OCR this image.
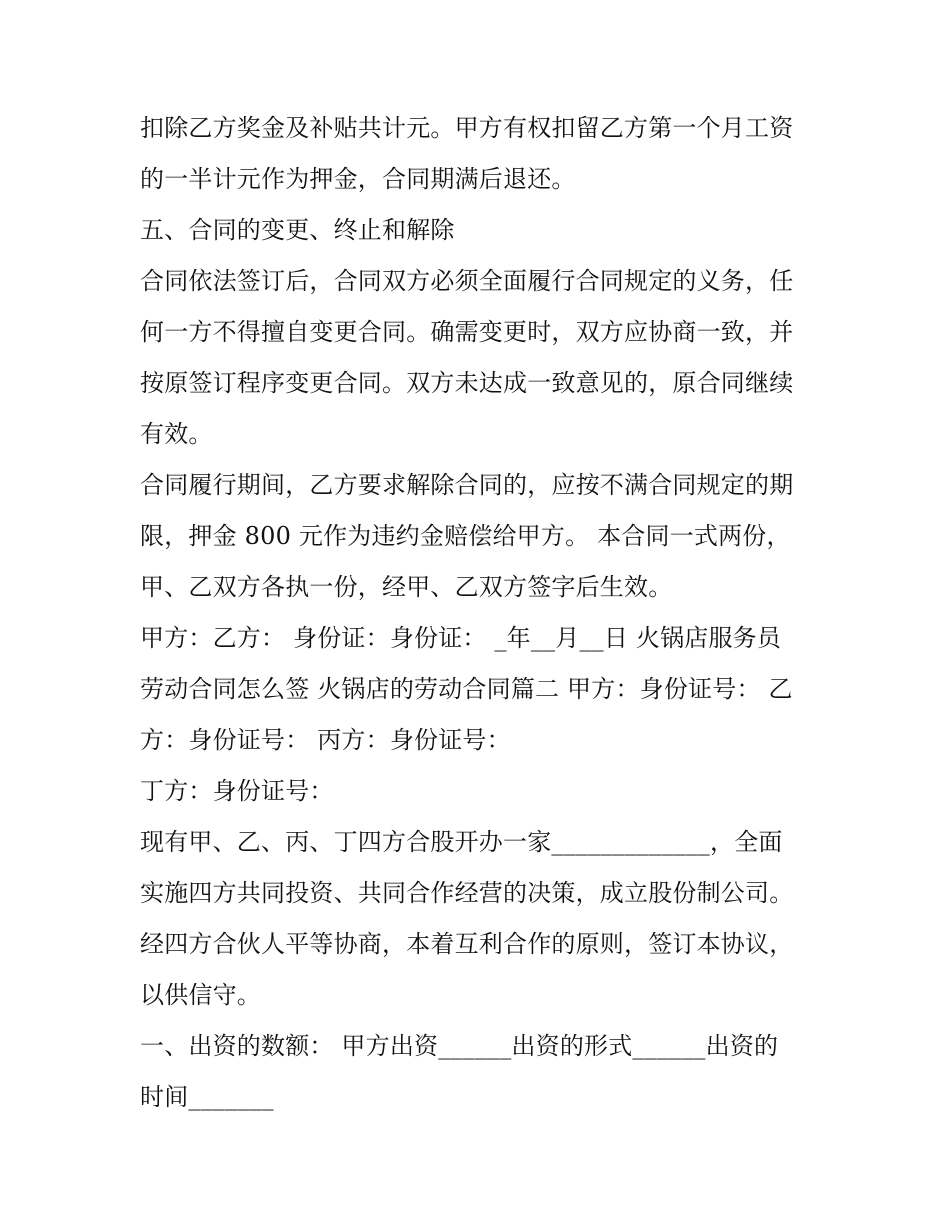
扣除乙方奖金及补贴共计元。甲方有权扣留乙方第一个月工资
的一半计元作为押金，合同期满后退还。
五、合同的变更、终止和解除
合同依法签订后，合同双方必须全面履行合同规定的义务，任
何一方不得擅自变更合同。确需变更时，双方应协商一致，并
按原签订程序变更合同。双方未达成一致意见的，原合同继续
有效。
合同履行期间，乙方要求解除合同的，应按不满合同规定的期
限，押金 800 元作为违约金赔偿给甲方。 本合同一式两份，
甲、乙双方各执一份，经甲、乙双方签字后生效。
甲方：乙方： 身份证：身份证： _年__月__日 火锅店服务员
劳动合同怎么签 火锅店的劳动合同篇二 甲方：身份证号： 乙
方：身份证号： 丙方：身份证号：
丁方：身份证号：
现有甲、乙、丙、丁四方合股开办一家_____________，全面
实施四方共同投资、共同合作经营的决策，成立股份制公司。
经四方合伙人平等协商，本着互利合作的原则，签订本协议，
以供信守。
一、出资的数额： 甲方出资______出资的形式______出资的
时间_______
